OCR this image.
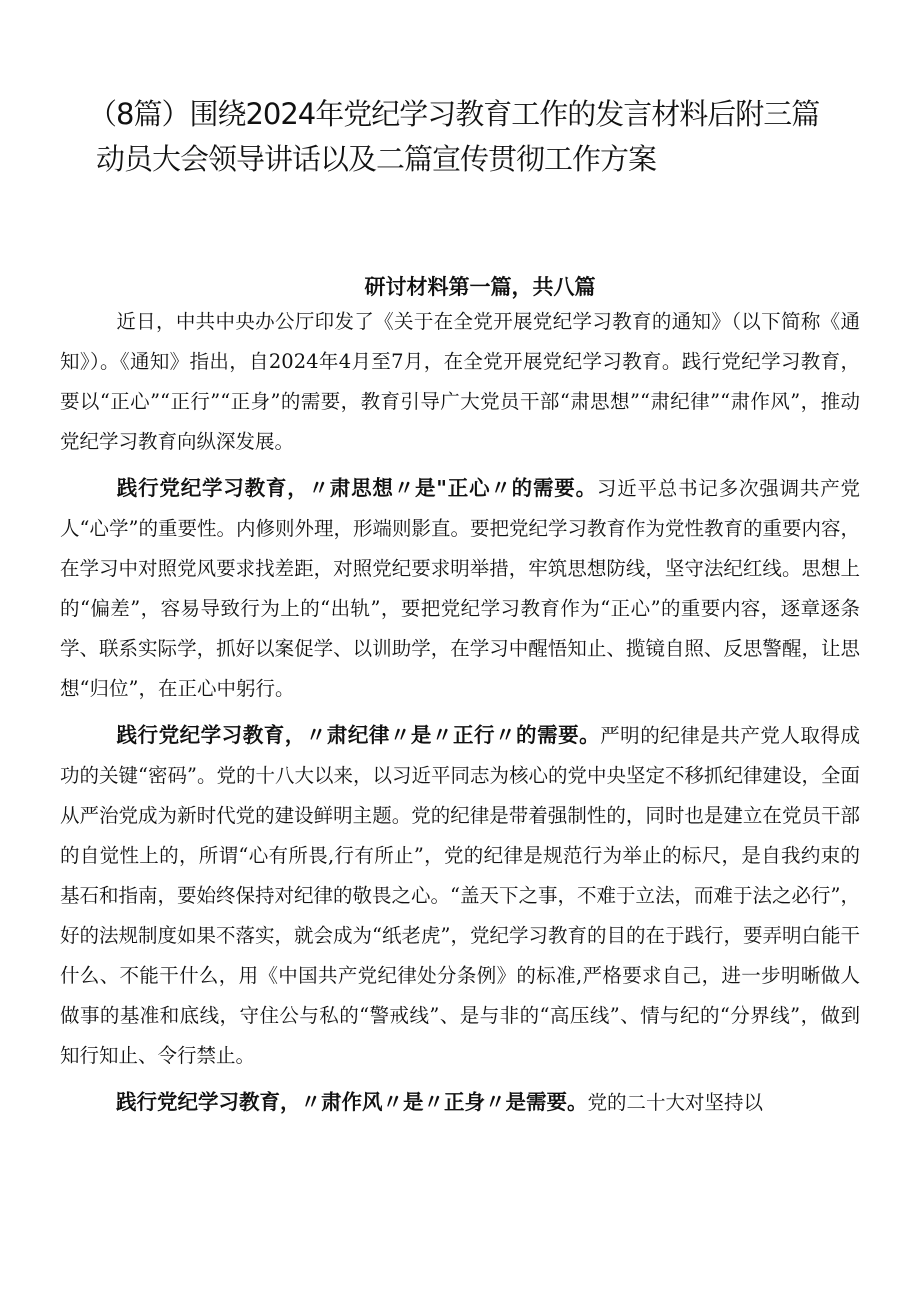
（8篇）围绕2024年党纪学习教育工作的发言材料后附三篇
动员大会领导讲话以及二篇宣传贯彻工作方案
研讨材料第一篇，共八篇

近日，中共中央办公厅印发了《关于在全党开展党纪学习教育的通知》（以下简称《通知》）。《通知》指出，自2024年4月至7月，在全党开展党纪学习教育。践行党纪学习教育，要以“正心”“正行”“正身”的需要，教育引导广大党员干部“肃思想”“肃纪律”“肃作风”，推动党纪学习教育向纵深发展。

践行党纪学习教育，〃肃思想〃是"正心〃的需要。习近平总书记多次强调共产党人“心学”的重要性。内修则外理，形端则影直。要把党纪学习教育作为党性教育的重要内容，在学习中对照党风要求找差距，对照党纪要求明举措，牢筑思想防线，坚守法纪红线。思想上的“偏差”，容易导致行为上的“出轨”，要把党纪学习教育作为“正心”的重要内容，逐章逐条学、联系实际学，抓好以案促学、以训助学，在学习中醒悟知止、揽镜自照、反思警醒，让思想“归位”，在正心中躬行。

践行党纪学习教育，〃肃纪律〃是〃正行〃的需要。严明的纪律是共产党人取得成功的关键“密码”。党的十八大以来，以习近平同志为核心的党中央坚定不移抓纪律建设，全面从严治党成为新时代党的建设鲜明主题。党的纪律是带着强制性的，同时也是建立在党员干部的自觉性上的，所谓“心有所畏,行有所止”，党的纪律是规范行为举止的标尺，是自我约束的基石和指南，要始终保持对纪律的敬畏之心。“盖天下之事，不难于立法，而难于法之必行”，好的法规制度如果不落实，就会成为“纸老虎”，党纪学习教育的目的在于践行，要弄明白能干什么、不能干什么，用《中国共产党纪律处分条例》的标准,严格要求自己，进一步明晰做人做事的基准和底线，守住公与私的“警戒线”、是与非的“高压线”、情与纪的“分界线”，做到知行知止、令行禁止。

践行党纪学习教育，〃肃作风〃是〃正身〃是需要。党的二十大对坚持以
